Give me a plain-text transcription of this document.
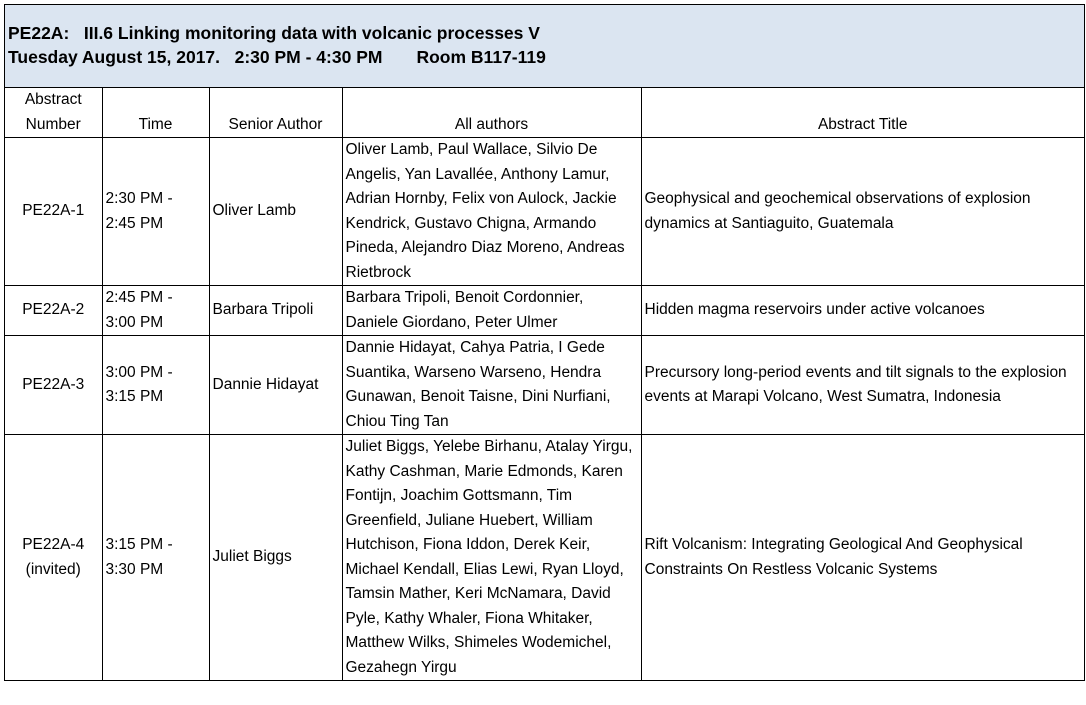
PE22A:   III.6 Linking monitoring data with volcanic processes V
Tuesday August 15, 2017.   2:30 PM - 4:30 PM       Room B117-119
Abstract
Number	Time	Senior Author	All authors	Abstract Title

PE22A-1	2:30 PM -
2:45 PM	Oliver Lamb	Oliver Lamb, Paul Wallace, Silvio De Angelis, Yan Lavallée, Anthony Lamur, Adrian Hornby, Felix von Aulock, Jackie Kendrick, Gustavo Chigna, Armando Pineda, Alejandro Diaz Moreno, Andreas Rietbrock	Geophysical and geochemical observations of explosion dynamics at Santiaguito, Guatemala

PE22A-2	2:45 PM -
3:00 PM	Barbara Tripoli	Barbara Tripoli, Benoit Cordonnier, Daniele Giordano, Peter Ulmer	Hidden magma reservoirs under active volcanoes

PE22A-3	3:00 PM -
3:15 PM	Dannie Hidayat	Dannie Hidayat, Cahya Patria, I Gede Suantika, Warseno Warseno, Hendra Gunawan, Benoit Taisne, Dini Nurfiani, Chiou Ting Tan	Precursory long-period events and tilt signals to the explosion events at Marapi Volcano, West Sumatra, Indonesia

PE22A-4
(invited)	3:15 PM -
3:30 PM	Juliet Biggs	Juliet Biggs, Yelebe Birhanu, Atalay Yirgu, Kathy Cashman, Marie Edmonds, Karen Fontijn, Joachim Gottsmann, Tim Greenfield, Juliane Huebert, William Hutchison, Fiona Iddon, Derek Keir, Michael Kendall, Elias Lewi, Ryan Lloyd, Tamsin Mather, Keri McNamara, David Pyle, Kathy Whaler, Fiona Whitaker, Matthew Wilks, Shimeles Wodemichel, Gezahegn Yirgu	Rift Volcanism: Integrating Geological And Geophysical Constraints On Restless Volcanic Systems
